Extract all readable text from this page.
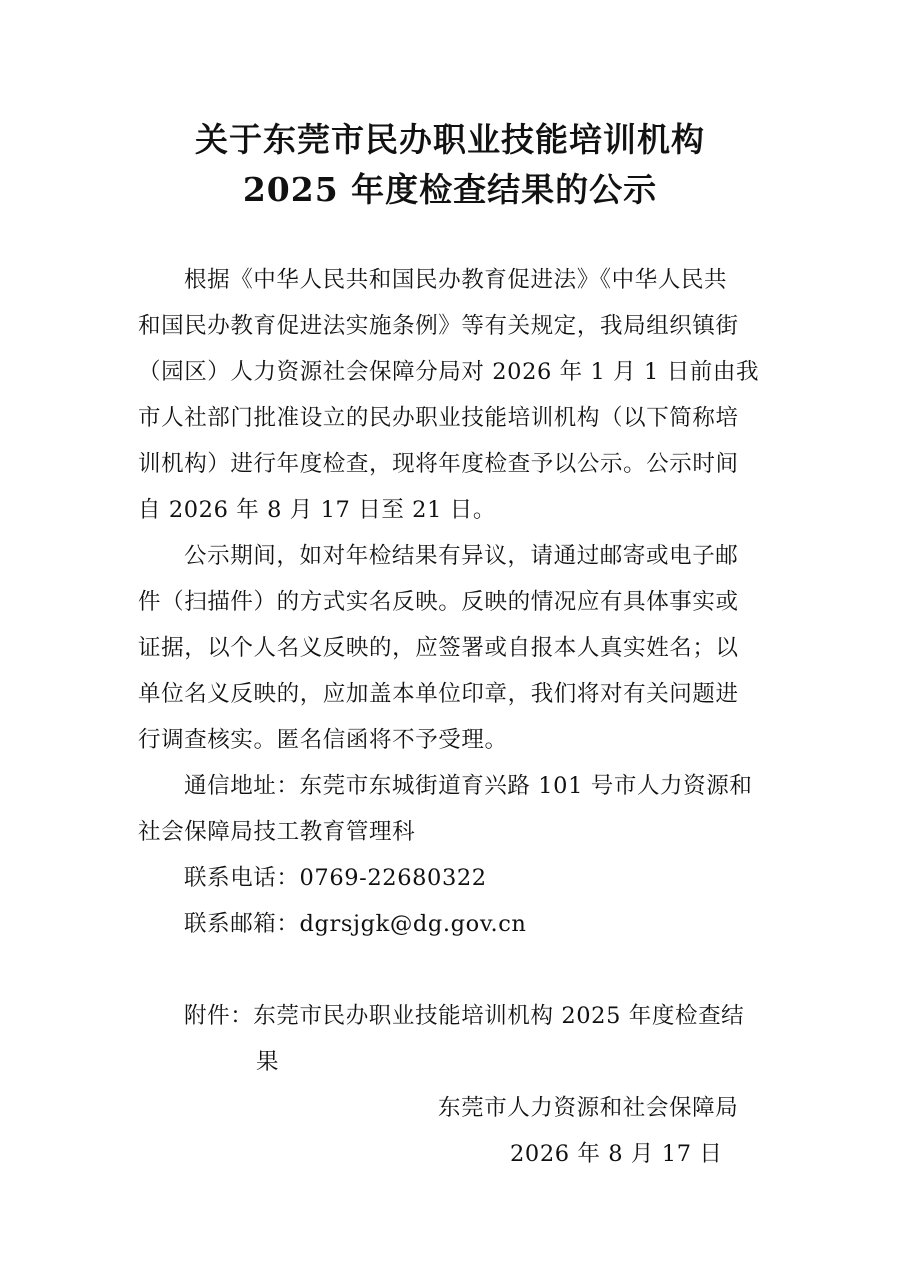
关于东莞市民办职业技能培训机构
2025 年度检查结果的公示
根据《中华人民共和国民办教育促进法》《中华人民共
和国民办教育促进法实施条例》等有关规定，我局组织镇街
（园区）人力资源社会保障分局对 2026 年 1 月 1 日前由我
市人社部门批准设立的民办职业技能培训机构（以下简称培
训机构）进行年度检查，现将年度检查予以公示。公示时间
自 2026 年 8 月 17 日至 21 日。
公示期间，如对年检结果有异议，请通过邮寄或电子邮
件（扫描件）的方式实名反映。反映的情况应有具体事实或
证据，以个人名义反映的，应签署或自报本人真实姓名；以
单位名义反映的，应加盖本单位印章，我们将对有关问题进
行调查核实。匿名信函将不予受理。
通信地址：东莞市东城街道育兴路 101 号市人力资源和
社会保障局技工教育管理科
联系电话：0769-22680322
联系邮箱：dgrsjgk@dg.gov.cn
附件：东莞市民办职业技能培训机构 2025 年度检查结
果
东莞市人力资源和社会保障局
2026 年 8 月 17 日
